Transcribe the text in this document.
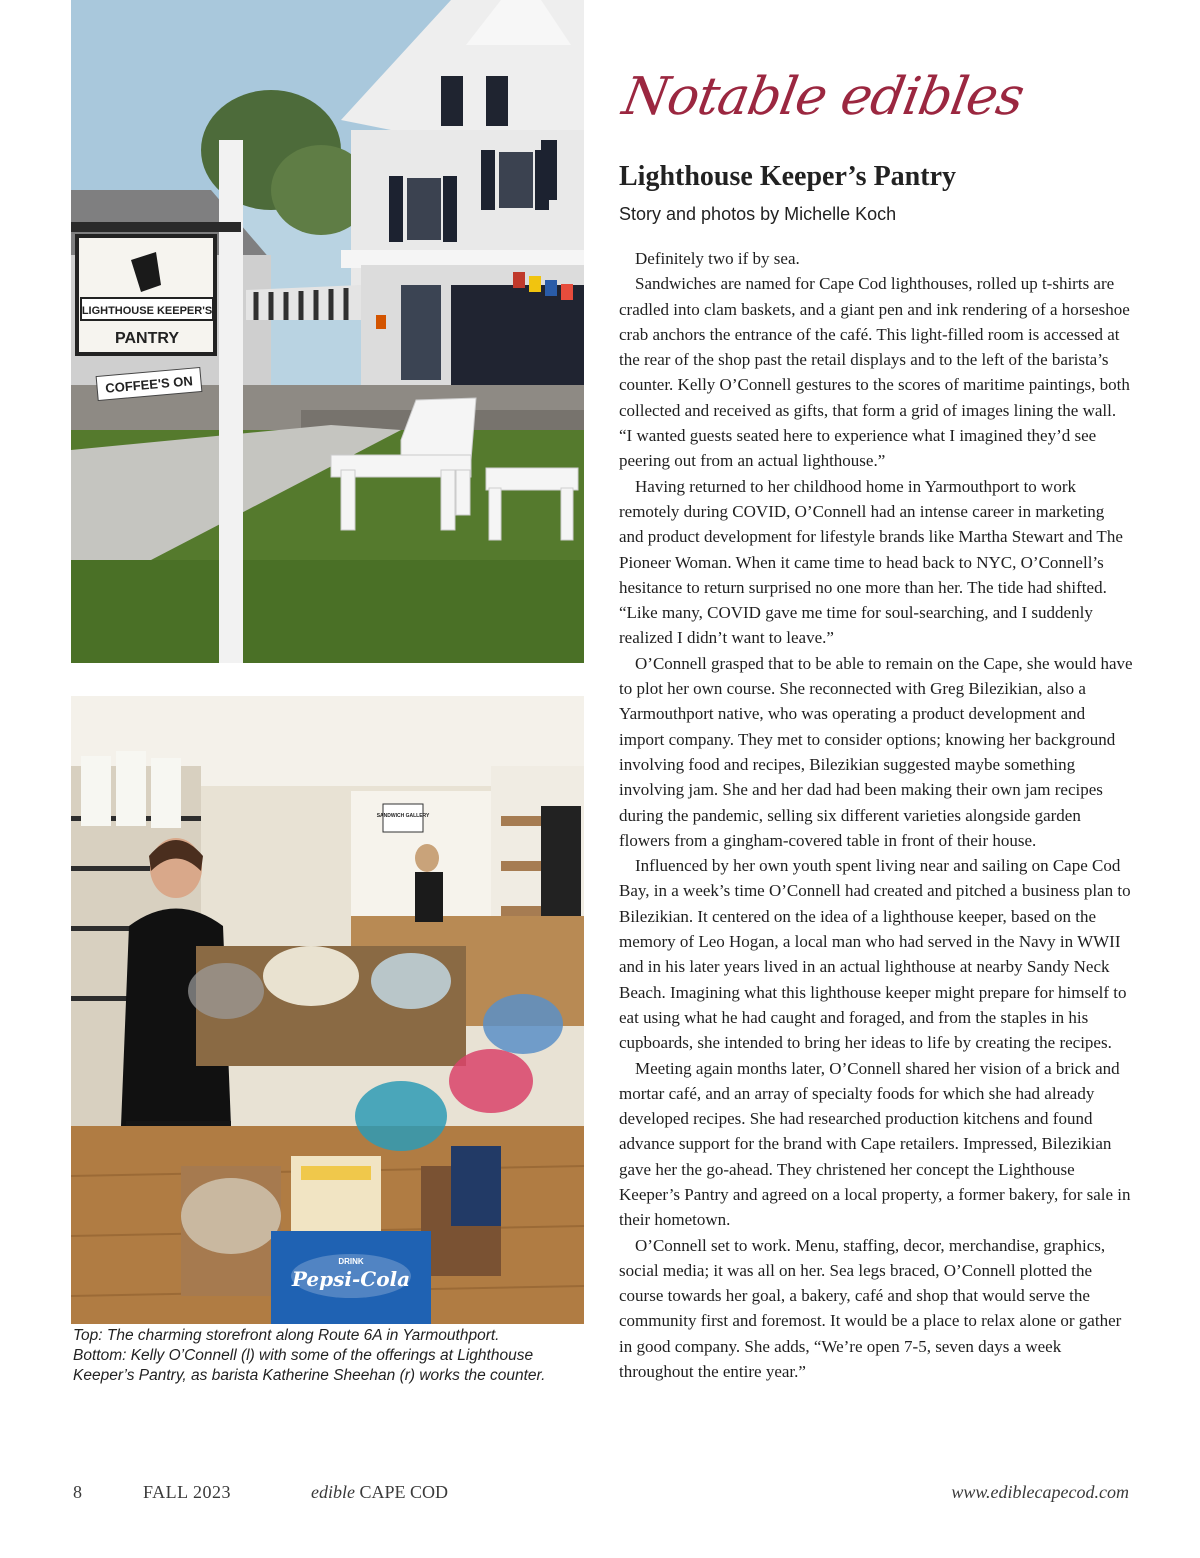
LIGHTHOUSE KEEPER'S
PANTRY
COFFEE'S ON
SANDWICH GALLERY
DRINK
Pepsi-Cola

Top: The charming storefront along Route 6A in Yarmouthport.

Bottom: Kelly O’Connell (l) with some of the offerings at Lighthouse Keeper’s Pantry, as barista Katherine Sheehan (r) works the counter.

Notable edibles
Lighthouse Keeper’s Pantry
Story and photos by Michelle Koch

Definitely two if by sea.

Sandwiches are named for Cape Cod lighthouses, rolled up t-shirts are cradled into clam baskets, and a giant pen and ink rendering of a horseshoe crab anchors the entrance of the café. This light-filled room is accessed at the rear of the shop past the retail displays and to the left of the barista’s counter. Kelly O’Connell gestures to the scores of maritime paintings, both collected and received as gifts, that form a grid of images lining the wall. “I wanted guests seated here to experience what I imagined they’d see peering out from an actual lighthouse.”

Having returned to her childhood home in Yarmouthport to work remotely during COVID, O’Connell had an intense career in marketing and product development for lifestyle brands like Martha Stewart and The Pioneer Woman. When it came time to head back to NYC, O’Connell’s hesitance to return surprised no one more than her. The tide had shifted. “Like many, COVID gave me time for soul-searching, and I suddenly realized I didn’t want to leave.”

O’Connell grasped that to be able to remain on the Cape, she would have to plot her own course. She reconnected with Greg Bilezikian, also a Yarmouthport native, who was operating a product development and import company. They met to consider options; knowing her background involving food and recipes, Bilezikian suggested maybe something involving jam. She and her dad had been making their own jam recipes during the pandemic, selling six different varieties alongside garden flowers from a gingham-covered table in front of their house.

Influenced by her own youth spent living near and sailing on Cape Cod Bay, in a week’s time O’Connell had created and pitched a business plan to Bilezikian. It centered on the idea of a lighthouse keeper, based on the memory of Leo Hogan, a local man who had served in the Navy in WWII and in his later years lived in an actual lighthouse at nearby Sandy Neck Beach. Imagining what this lighthouse keeper might prepare for himself to eat using what he had caught and foraged, and from the staples in his cupboards, she intended to bring her ideas to life by creating the recipes.

Meeting again months later, O’Connell shared her vision of a brick and mortar café, and an array of specialty foods for which she had already developed recipes. She had researched production kitchens and found advance support for the brand with Cape retailers. Impressed, Bilezikian gave her the go-ahead. They christened her concept the Lighthouse Keeper’s Pantry and agreed on a local property, a former bakery, for sale in their hometown.

O’Connell set to work. Menu, staffing, decor, merchandise, graphics, social media; it was all on her. Sea legs braced, O’Connell plotted the course towards her goal, a bakery, café and shop that would serve the community first and foremost. It would be a place to relax alone or gather in good company. She adds, “We’re open 7-5, seven days a week throughout the entire year.”

8	FALL 2023	edible CAPE COD	www.ediblecapecod.com
